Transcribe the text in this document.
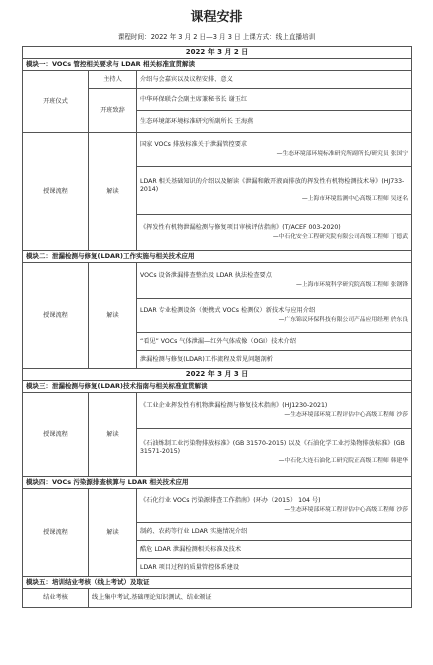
课程安排
课程时间：2022 年 3 月 2 日—3 月 3 日 上课方式：线上直播培训
2022 年 3 月 2 日		
模块一：VOCs 管控相关要求与 LDAR 相关标准宣贯解读		
开班仪式	主持人	介绍与会嘉宾以及议程安排、意义
	开班致辞	中华环保联合会副主席兼秘书长 谢玉红
		生态环境部环境标准研究所副所长 王海燕
授课流程	解读	国家 VOCs 排放标准关于泄漏管控要求
—生态环境部环境标准研究所副所长/研究员 张国宁

		LDAR 相关基础知识的介绍以及解读《泄漏和敞开液面排放的挥发性有机物检测技术导》(HJ733-2014)
—上海市环境监测中心高级工程师 吴迓名

		《挥发性有机物泄漏检测与修复项目审核评估指南》(T/ACEF 003-2020)
—中石化安全工程研究院有限公司高级工程师 丁德武

模块二：泄漏检测与修复(LDAR)工作实施与相关技术应用		
授课流程	解读	VOCs 设备泄漏排查整治及 LDAR 执法检查要点
—上海市环境科学研究院高级工程师 张钢锋

		LDAR 专业检测设备（便携式 VOCs 检测仪）新技术与应用介绍
—广东锦议环保科技有限公司产品应用经理 於东良

		“看见” VOCs 气体泄漏—红外气体成像（OGI）技术介绍
		泄漏检测与修复(LDAR)工作流程及常见问题剖析
2022 年 3 月 3 日		
模块三：泄漏检测与修复(LDAR)技术指南与相关标准宣贯解读		
授课流程	解读	《工业企业挥发性有机物泄漏检测与修复技术指南》(HJ1230-2021)
—生态环境部环境工程评估中心高级工程师 沙莎

		《石油炼制工业污染物排放标准》(GB 31570-2015) 以及《石油化学工业污染物排放标准》(GB 31571-2015)
—中石化大连石油化工研究院正高级工程师 韩建华

模块四：VOCs 污染源排查核算与 LDAR 相关技术应用		
授课流程	解读	《石化行业 VOCs 污染源排查工作指南》(环办（2015） 104 号)
—生态环境部环境工程评估中心高级工程师 沙莎

		制药、农药等行业 LDAR 实施情况介绍
		酷危 LDAR 泄漏检测相关标准及技术
		LDAR 项目过程的质量管控体系建设
模块五：培训结业考核（线上考试）及取证		
结业考核	线上集中考试,基础理论知识测试、结业颁证	
